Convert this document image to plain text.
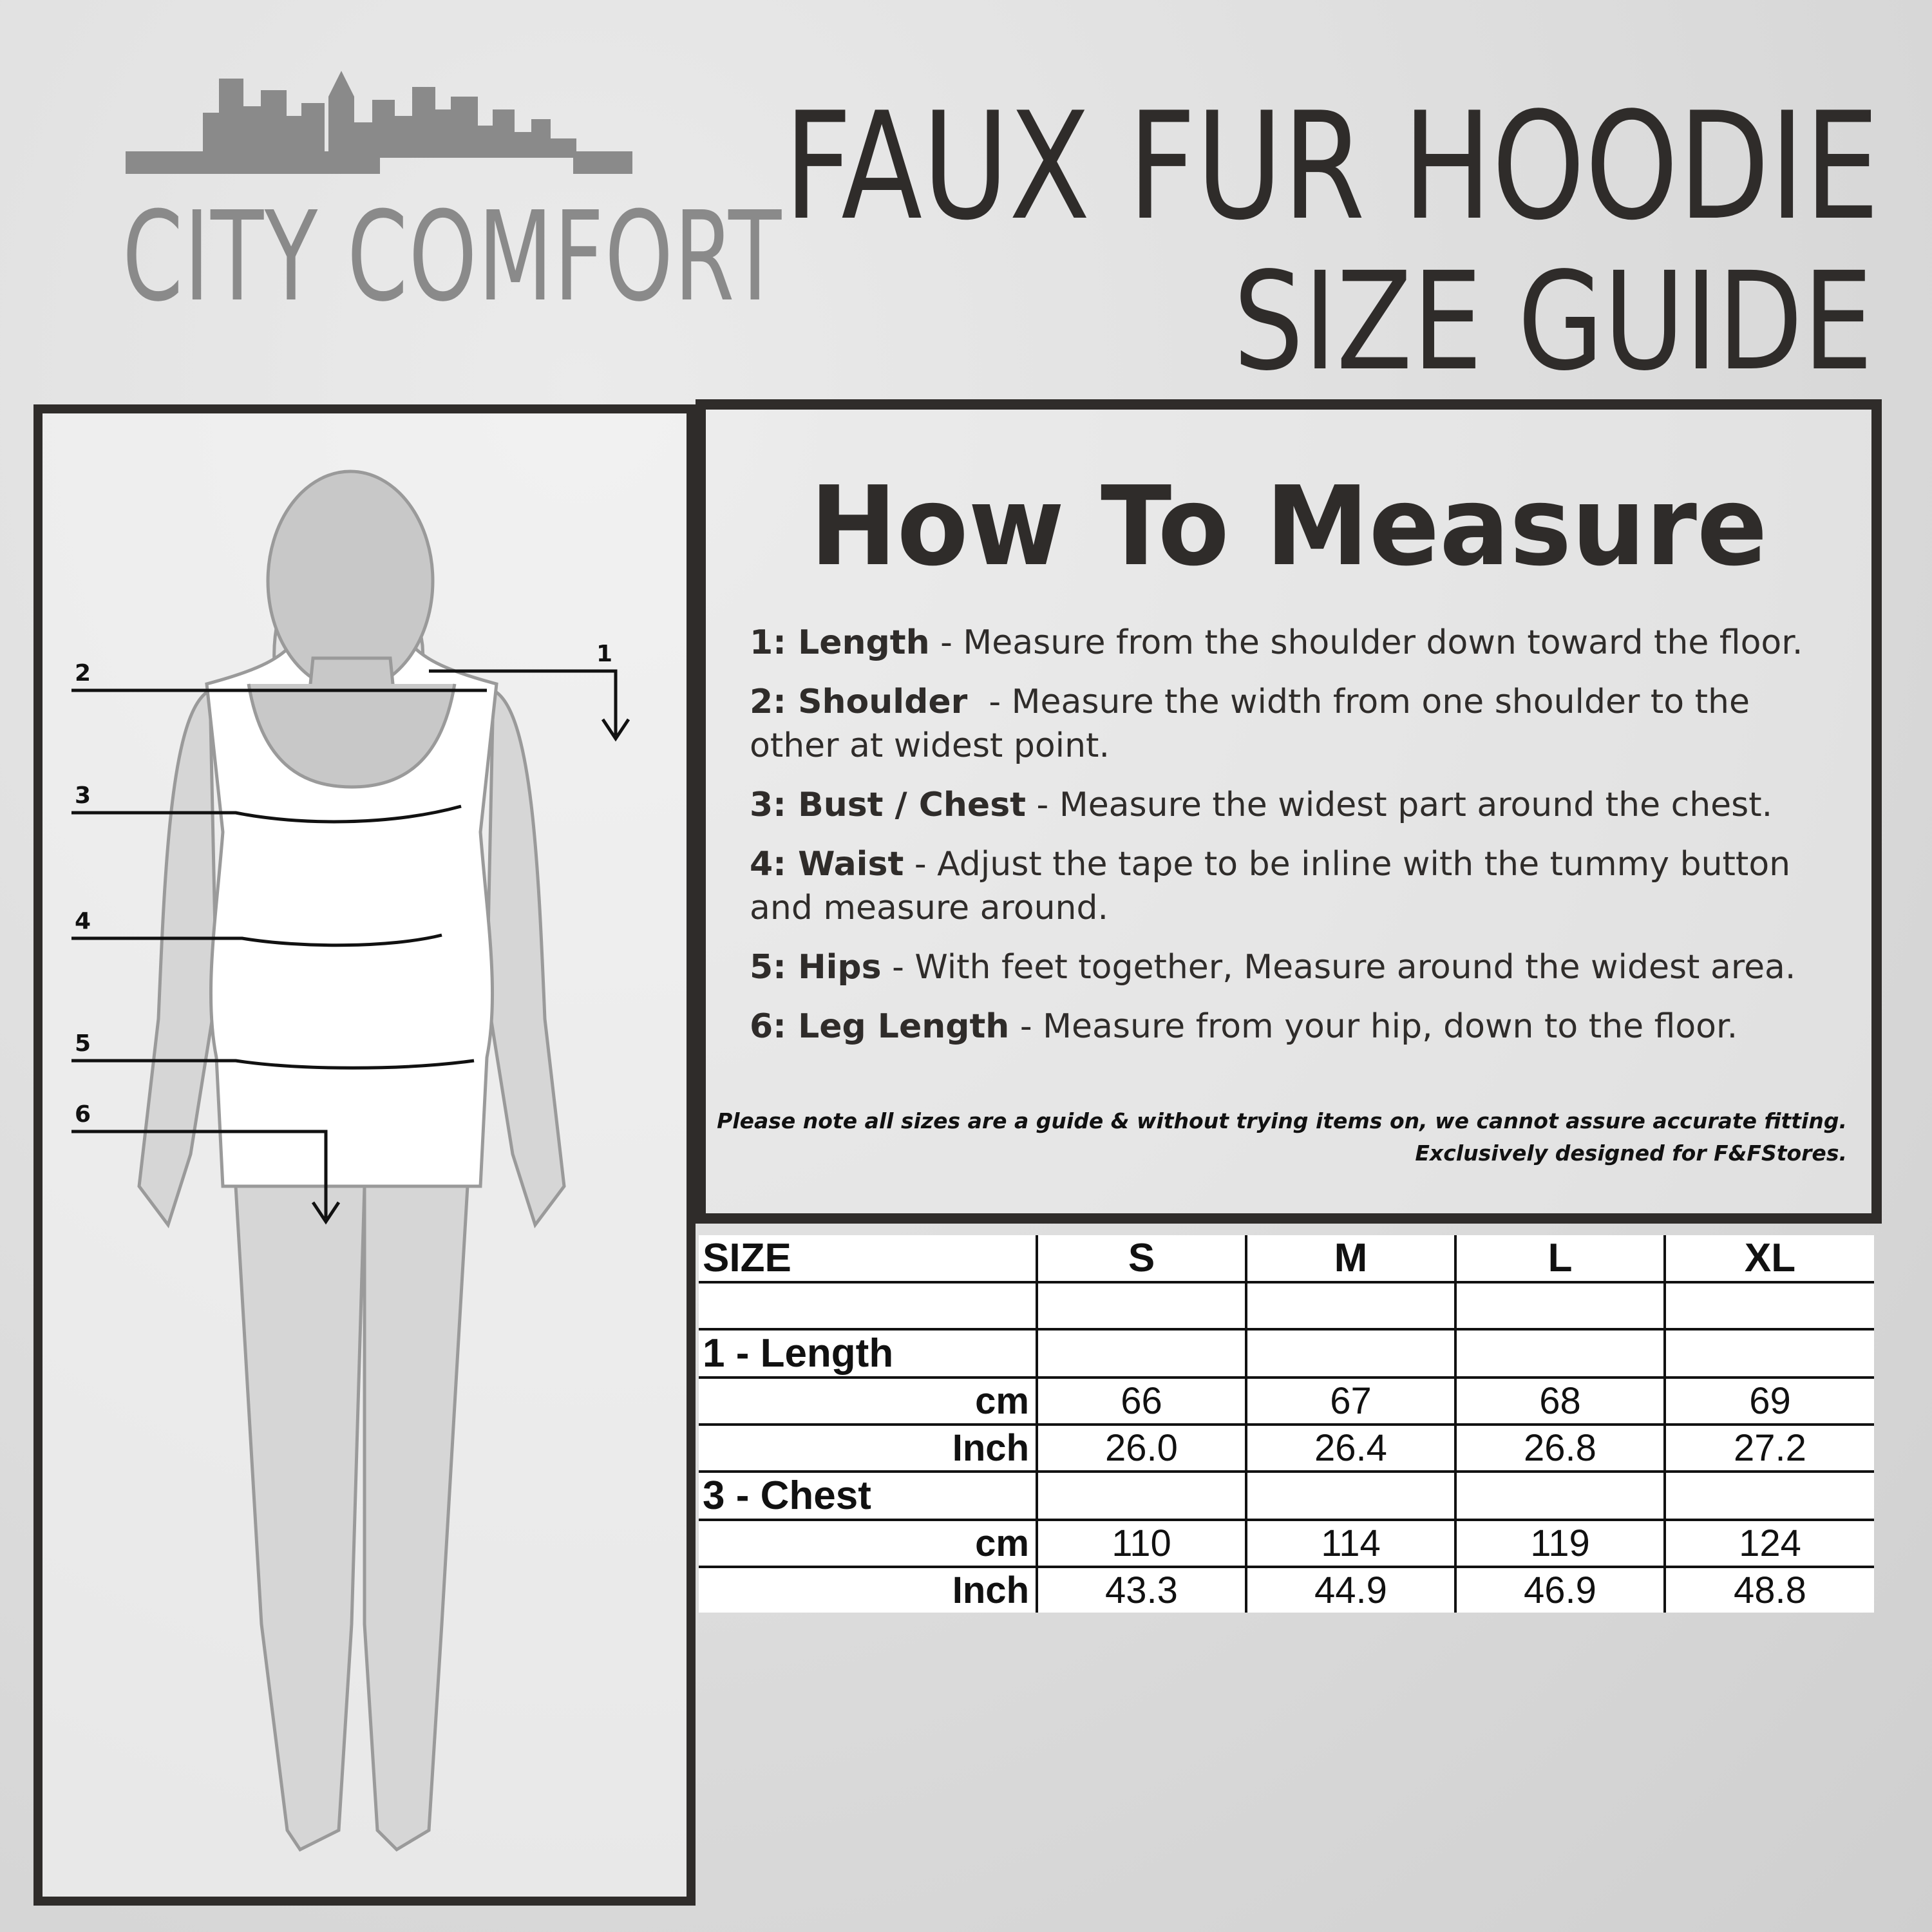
CITY COMFORT
FAUX FUR HOODIE
SIZE GUIDE
1
2
3
4
5
6
How To Measure
1: Length - Measure from the shoulder down toward the floor.
2: Shoulder  - Measure the width from one shoulder to the other at widest point.
3: Bust / Chest - Measure the widest part around the chest.
4: Waist - Adjust the tape to be inline with the tummy button and measure around.
5: Hips - With feet together, Measure around the widest area.
6: Leg Length - Measure from your hip, down to the floor.
Please note all sizes are a guide & without trying items on, we cannot assure accurate fitting.
Exclusively designed for F&FStores.
SIZE	S	M	L	XL

1 - Length				
cm	66	67	68	69
Inch	26.0	26.4	26.8	27.2
3 - Chest				
cm	110	114	119	124
Inch	43.3	44.9	46.9	48.8
